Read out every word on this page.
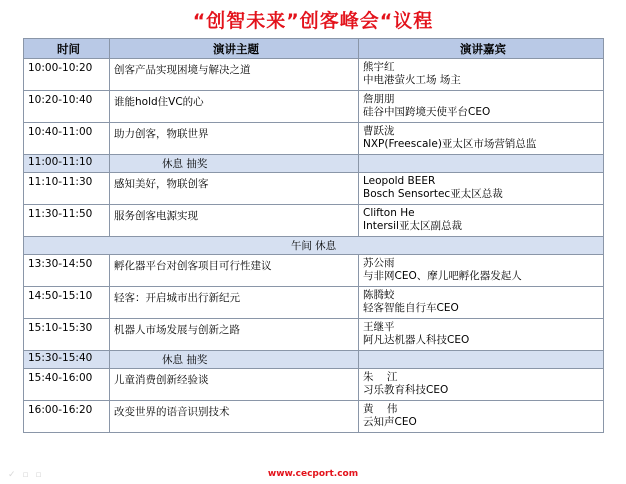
“创智未来”创客峰会“议程
时间	演讲主题	演讲嘉宾
10:00-10:20	创客产品实现困境与解决之道	熊宇红
中电港萤火工场 场主

10:20-10:40	谁能hold住VC的心	詹朋朋
硅谷中国跨境天使平台CEO

10:40-11:00	助力创客，物联世界	曹跃泷
NXP(Freescale)亚太区市场营销总监

11:00-11:10	休息 抽奖	
11:10-11:30	感知美好，物联创客	Leopold BEER
Bosch Sensortec亚太区总裁

11:30-11:50	服务创客电源实现	Clifton He
Intersil亚太区副总裁

午间 休息		
13:30-14:50	孵化器平台对创客项目可行性建议	苏公雨
与非网CEO、摩儿吧孵化器发起人

14:50-15:10	轻客：开启城市出行新纪元	陈腾蛟
轻客智能自行车CEO

15:10-15:30	机器人市场发展与创新之路	王继平
阿凡达机器人科技CEO

15:30-15:40	休息 抽奖	
15:40-16:00	儿童消费创新经验谈	朱    江
习乐教育科技CEO

16:00-16:20	改变世界的语音识别技术	黄    伟
云知声CEO
✓ ▫ ▫	www.cecport.com
